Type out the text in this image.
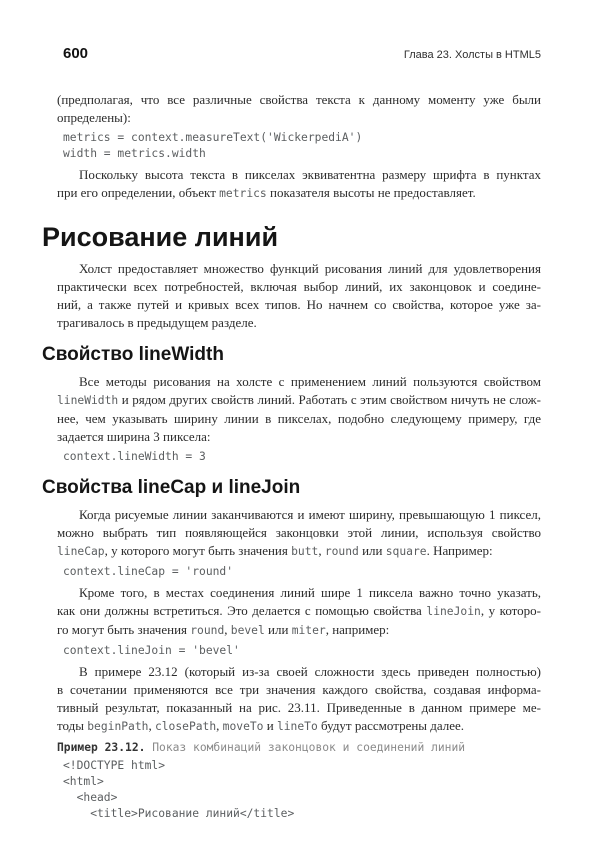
600	Глава 23. Холсты в HTML5
(предполагая, что все различные свойства текста к данному моменту уже были
определены):
metrics = context.measureText('WickerpediA')
width = metrics.width
Поскольку высота текста в пикселах эквиватентна размеру шрифта в пунктах
при его определении, объект metrics показателя высоты не предоставляет.
Рисование линий
Холст предоставляет множество функций рисования линий для удовлетворения
практически всех потребностей, включая выбор линий, их законцовок и соедине-
ний, а также путей и кривых всех типов. Но начнем со свойства, которое уже за-
трагивалось в предыдущем разделе.
Свойство lineWidth
Все методы рисования на холсте с применением линий пользуются свойством
lineWidth и рядом других свойств линий. Работать с этим свойством ничуть не слож-
нее, чем указывать ширину линии в пикселах, подобно следующему примеру, где
задается ширина 3 пиксела:
context.lineWidth = 3
Свойства lineCap и lineJoin
Когда рисуемые линии заканчиваются и имеют ширину, превышающую 1 пиксел,
можно выбрать тип появляющейся законцовки этой линии, используя свойство
lineCap, у которого могут быть значения butt, round или square. Например:
context.lineCap = 'round'
Кроме того, в местах соединения линий шире 1 пиксела важно точно указать,
как они должны встретиться. Это делается с помощью свойства lineJoin, у которо-
го могут быть значения round, bevel или miter, например:
context.lineJoin = 'bevel'
В примере 23.12 (который из-за своей сложности здесь приведен полностью)
в сочетании применяются все три значения каждого свойства, создавая информа-
тивный результат, показанный на рис. 23.11. Приведенные в данном примере ме-
тоды beginPath, closePath, moveTo и lineTo будут рассмотрены далее.
Пример 23.12. Показ комбинаций законцовок и соединений линий
<!DOCTYPE html>
<html>
<head>
<title>Рисование линий</title>
